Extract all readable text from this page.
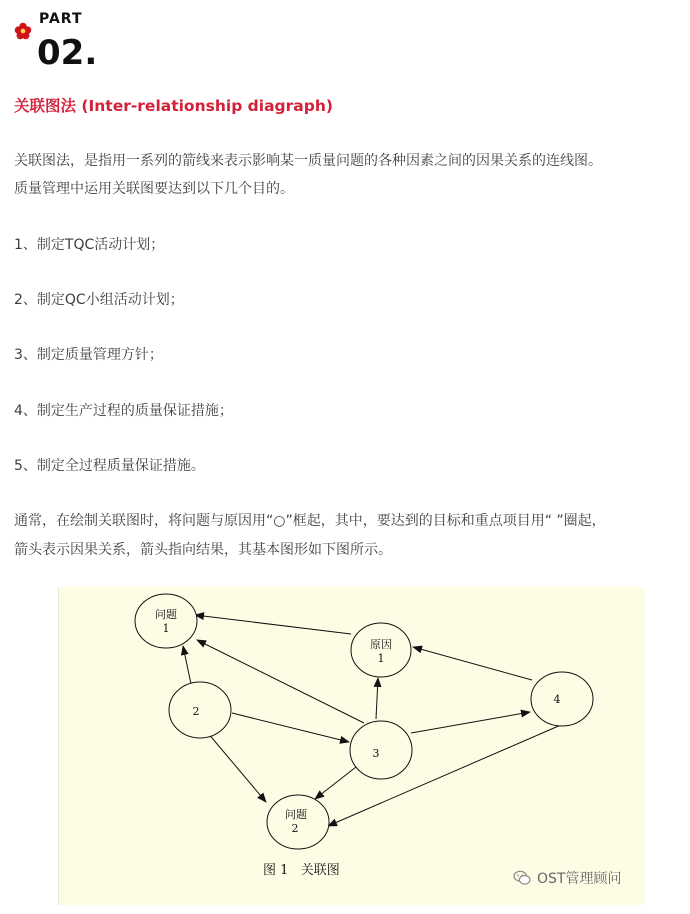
PART
02.
关联图法 (Inter-relationship diagraph)
关联图法，是指用一系列的箭线来表示影响某一质量问题的各种因素之间的因果关系的连线图。
质量管理中运用关联图要达到以下几个目的。
1、制定TQC活动计划；
2、制定QC小组活动计划；
3、制定质量管理方针；
4、制定生产过程的质量保证措施；
5、制定全过程质量保证措施。
通常，在绘制关联图时，将问题与原因用“○”框起，其中，要达到的目标和重点项目用“ ”圈起，
箭头表示因果关系，箭头指向结果，其基本图形如下图所示。
问题
1
原因
1
2
3
4
问题
2
图 1   关联图
OST管理顾问
